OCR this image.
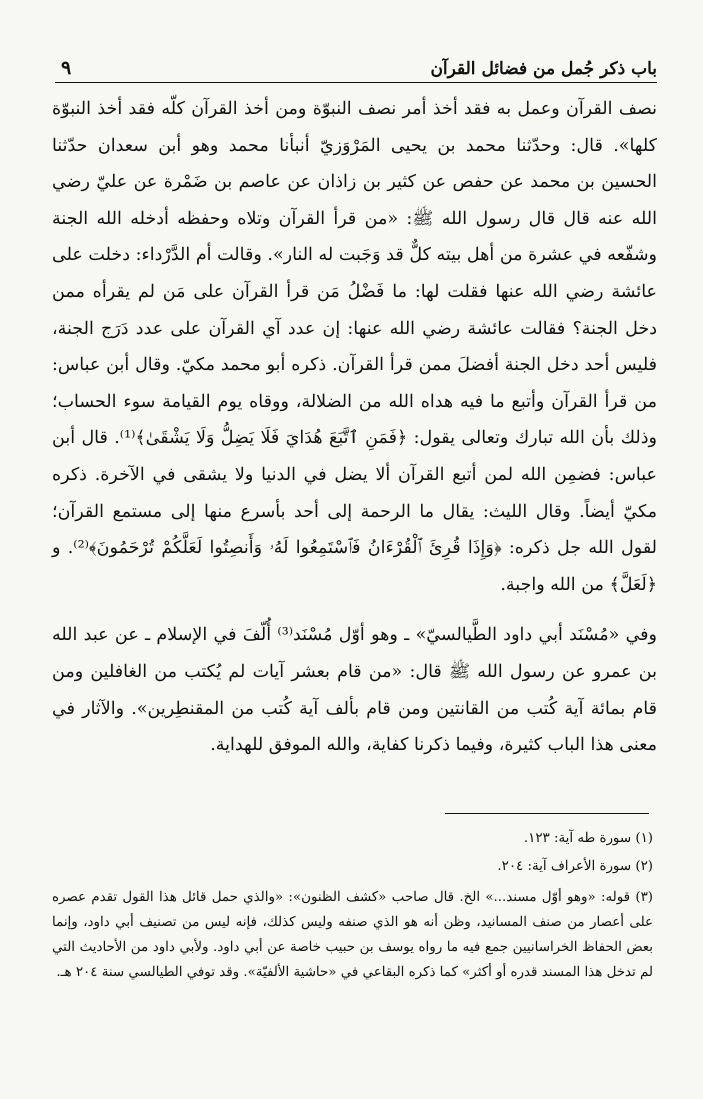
باب ذكر جُمل من فضائل القرآن
٩

نصف القرآن وعمل به فقد أخذ أمر نصف النبوّة ومن أخذ القرآن كلّه فقد أخذ النبوّة كلها». قال: وحدّثنا محمد بن يحيى المَرْوَزيّ أنبأنا محمد وهو أبن سعدان حدّثنا الحسين بن محمد عن حفص عن كثير بن زاذان عن عاصم بن ضَمْرة عن عليّ رضي الله عنه قال قال رسول الله ﷺ: «من قرأ القرآن وتلاه وحفظه أدخله الله الجنة وشفّعه في عشرة من أهل بيته كلٌّ قد وَجَبت له النار». وقالت أم الدَّرْداء: دخلت على عائشة رضي الله عنها فقلت لها: ما فَضْلُ مَن قرأ القرآن على مَن لم يقرأه ممن دخل الجنة؟ فقالت عائشة رضي الله عنها: إن عدد آي القرآن على عدد دَرَج الجنة، فليس أحد دخل الجنة أفضلَ ممن قرأ القرآن. ذكره أبو محمد مكيّ. وقال أبن عباس: من قرأ القرآن وأتبع ما فيه هداه الله من الضلالة، ووقاه يوم القيامة سوء الحساب؛ وذلك بأن الله تبارك وتعالى يقول: ﴿فَمَنِ ٱتَّبَعَ هُدَايَ فَلَا يَضِلُّ وَلَا يَشْقَىٰ﴾⁽¹⁾. قال أبن عباس: فضمِن الله لمن أتبع القرآن ألا يضل في الدنيا ولا يشقى في الآخرة. ذكره مكيّ أيضاً. وقال الليث: يقال ما الرحمة إلى أحد بأسرع منها إلى مستمع القرآن؛ لقول الله جل ذكره: ﴿وَإِذَا قُرِئَ ٱلْقُرْءَانُ فَٱسْتَمِعُوا لَهُۥ وَأَنصِتُوا لَعَلَّكُمْ تُرْحَمُونَ﴾⁽²⁾. و ﴿لَعَلَّ﴾ من الله واجبة.

وفي «مُسْنَد أبي داود الطَّيالسيّ» ـ وهو أوّل مُسْنَد⁽³⁾ أُلّفَ في الإسلام ـ عن عبد الله بن عمرو عن رسول الله ﷺ قال: «من قام بعشر آيات لم يُكتب من الغافلين ومن قام بمائة آية كُتب من القانتين ومن قام بألف آية كُتب من المقنطِرين». والآثار في معنى هذا الباب كثيرة، وفيما ذكرنا كفاية، والله الموفق للهداية.

(١) سورة طه آية: ١٢٣.

(٢) سورة الأعراف آية: ٢٠٤.

(٣) قوله: «وهو أوّل مسند...» الخ. قال صاحب «كشف الظنون»: «والذي حمل قائل هذا القول تقدم عصره على أعصار من صنف المسانيد، وظن أنه هو الذي صنفه وليس كذلك، فإنه ليس من تصنيف أبي داود، وإنما بعض الحفاظ الخراسانيين جمع فيه ما رواه يوسف بن حبيب خاصة عن أبي داود. ولأبي داود من الأحاديث التي لم تدخل هذا المسند قدره أو أكثر» كما ذكره البقاعي في «حاشية الألفيّة». وقد توفي الطيالسي سنة ٢٠٤ هـ.
